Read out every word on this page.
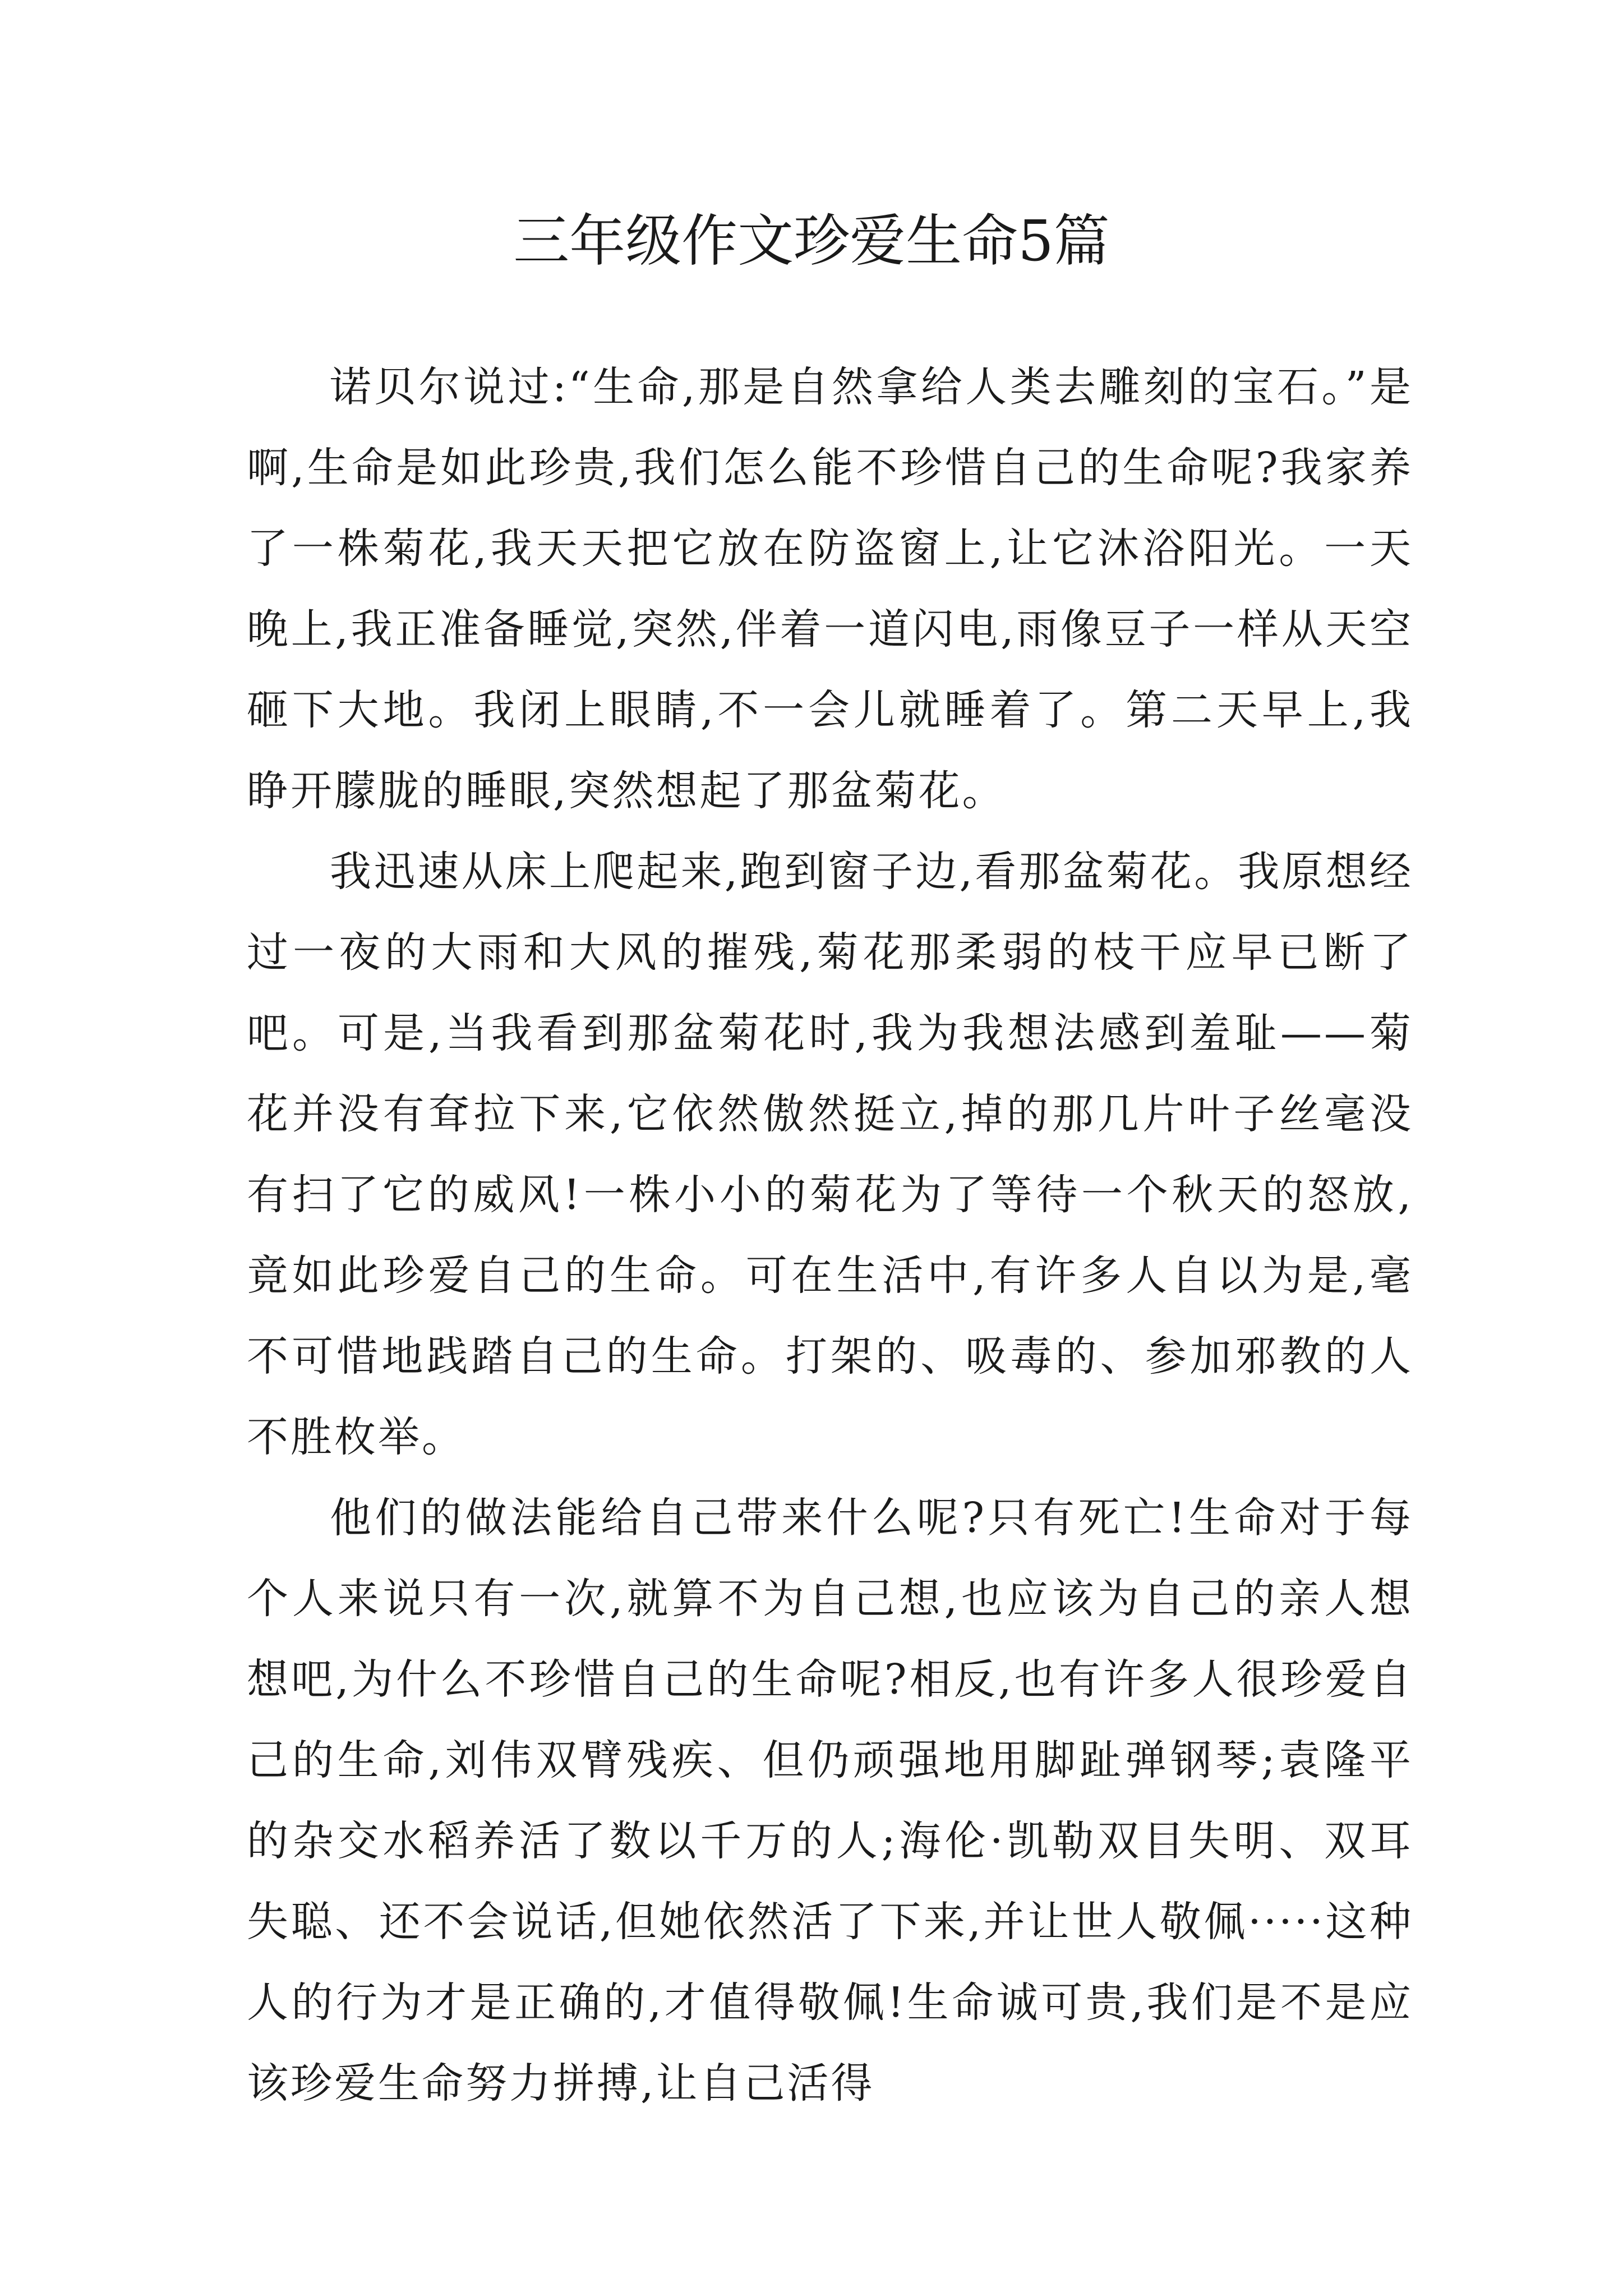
三年级作文珍爱生命5篇

诺贝尔说过:“生命,那是自然拿给人类去雕刻的宝石。”是啊,生命是如此珍贵,我们怎么能不珍惜自己的生命呢?我家养了一株菊花,我天天把它放在防盗窗上,让它沐浴阳光。一天晚上,我正准备睡觉,突然,伴着一道闪电,雨像豆子一样从天空砸下大地。我闭上眼睛,不一会儿就睡着了。第二天早上,我睁开朦胧的睡眼,突然想起了那盆菊花。

我迅速从床上爬起来,跑到窗子边,看那盆菊花。我原想经过一夜的大雨和大风的摧残,菊花那柔弱的枝干应早已断了吧。可是,当我看到那盆菊花时,我为我想法感到羞耻——菊花并没有耷拉下来,它依然傲然挺立,掉的那几片叶子丝毫没有扫了它的威风!一株小小的菊花为了等待一个秋天的怒放,竟如此珍爱自己的生命。可在生活中,有许多人自以为是,毫不可惜地践踏自己的生命。打架的、吸毒的、参加邪教的人不胜枚举。

他们的做法能给自己带来什么呢?只有死亡!生命对于每个人来说只有一次,就算不为自己想,也应该为自己的亲人想想吧,为什么不珍惜自己的生命呢?相反,也有许多人很珍爱自己的生命,刘伟双臂残疾、但仍顽强地用脚趾弹钢琴;袁隆平的杂交水稻养活了数以千万的人;海伦·凯勒双目失明、双耳失聪、还不会说话,但她依然活了下来,并让世人敬佩·····这种人的行为才是正确的,才值得敬佩!生命诚可贵,我们是不是应该珍爱生命努力拼搏,让自己活得
